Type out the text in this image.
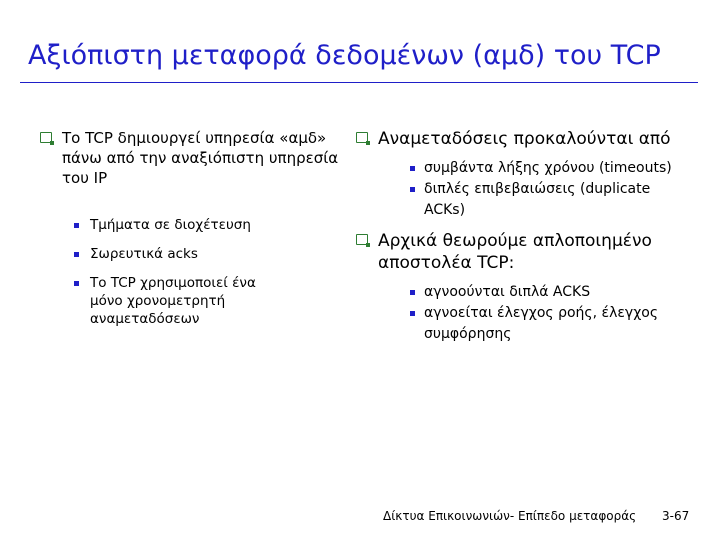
Αξιόπιστη μεταφορά δεδομένων (αμδ) του TCP
Το TCP δημιουργεί υπηρεσία «αμδ» πάνω από την αναξιόπιστη υπηρεσία του IP
Τμήματα σε διοχέτευση
Σωρευτικά acks
Το TCP χρησιμοποιεί ένα μόνο χρονομετρητή αναμεταδόσεων
Αναμεταδόσεις προκαλούνται από
συμβάντα λήξης χρόνου (timeouts)
διπλές επιβεβαιώσεις (duplicate ACKs)
Αρχικά θεωρούμε απλοποιημένο αποστολέα TCP:
αγνοούνται διπλά ACKS
αγνοείται έλεγχος ροής, έλεγχος συμφόρησης
Δίκτυα Επικοινωνιών- Επίπεδο μεταφοράς 3-67
